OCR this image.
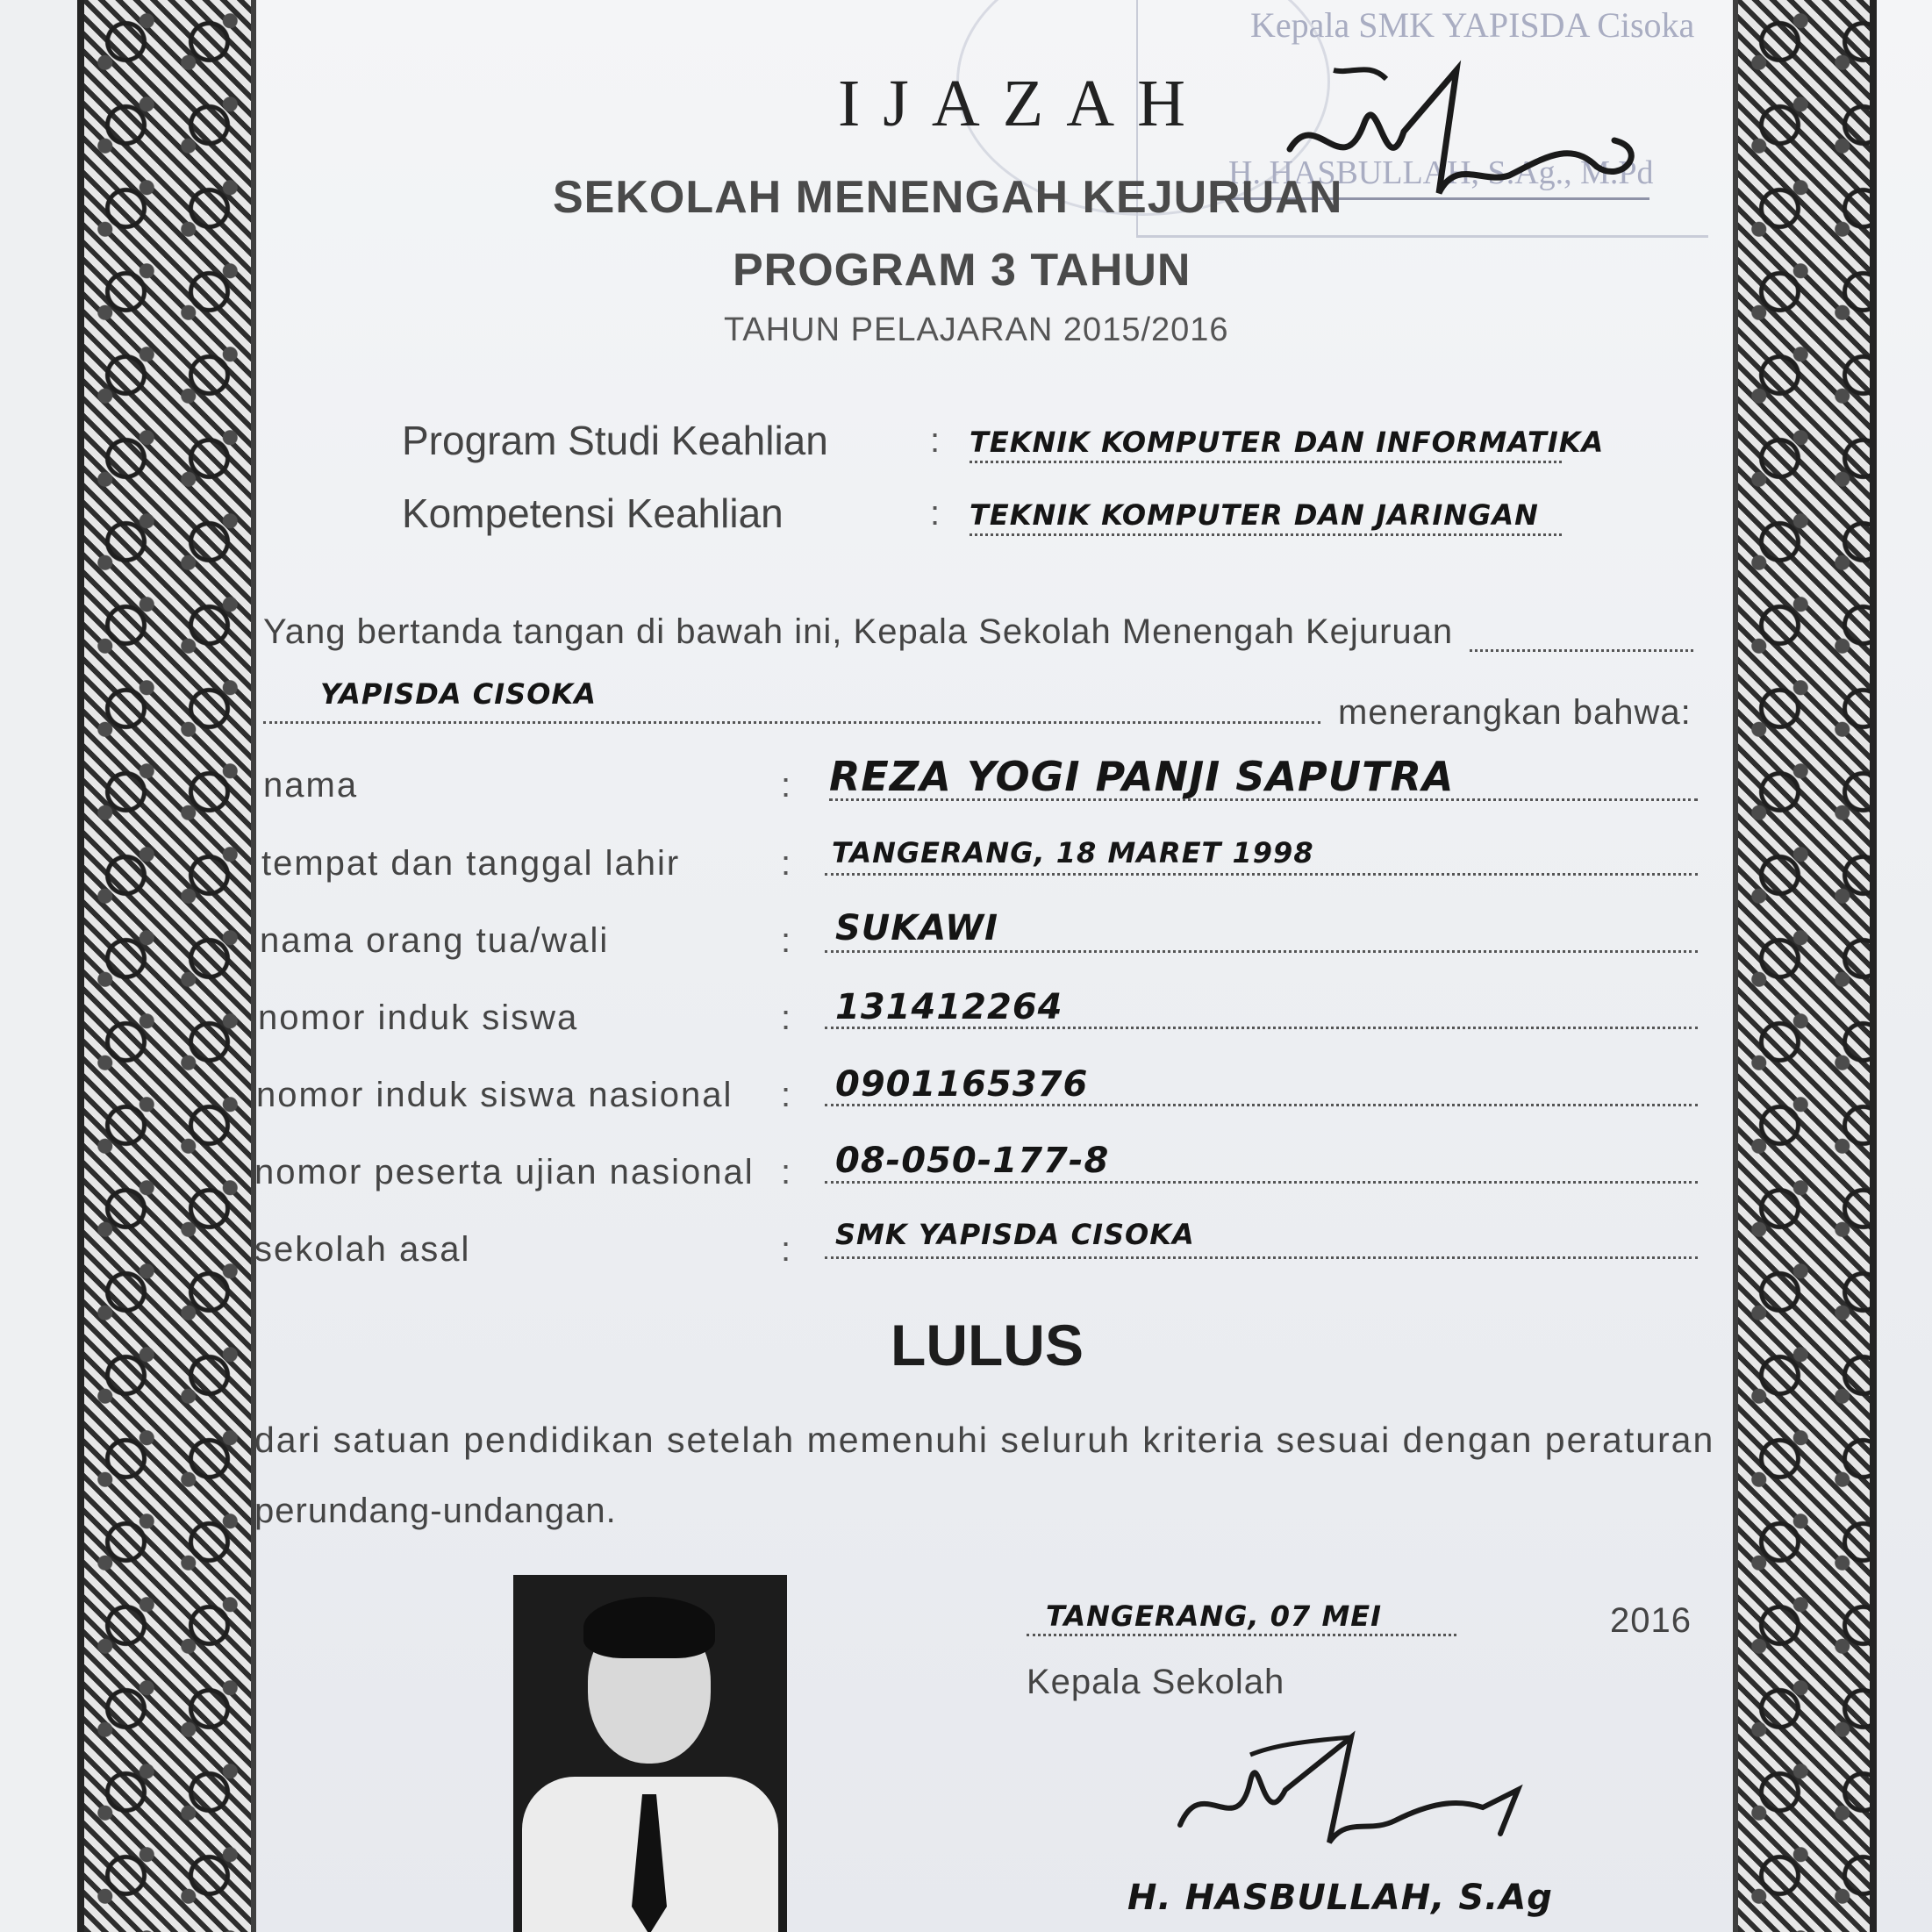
Kepala SMK YAPISDA Cisoka
H. HASBULLAH, S.Ag., M.Pd
IJAZAH
SEKOLAH MENENGAH KEJURUAN
PROGRAM 3 TAHUN
TAHUN PELAJARAN 2015/2016
Program Studi Keahlian	: TEKNIK KOMPUTER DAN INFORMATIKA
Kompetensi Keahlian	: TEKNIK KOMPUTER DAN JARINGAN
Yang bertanda tangan di bawah ini, Kepala Sekolah Menengah Kejuruan
YAPISDA CISOKA	menerangkan bahwa:
nama	: REZA YOGI PANJI SAPUTRA
tempat dan tanggal lahir	: TANGERANG, 18 MARET 1998
nama orang tua/wali	: SUKAWI
nomor induk siswa	: 131412264
nomor induk siswa nasional : 0901165376
nomor peserta ujian nasional : 08-050-177-8
sekolah asal	: SMK YAPISDA CISOKA
LULUS
dari satuan pendidikan setelah memenuhi seluruh kriteria sesuai dengan peraturan
perundang-undangan.
TANGERANG, 07 MEI	2016
Kepala Sekolah
H. HASBULLAH, S.Ag
